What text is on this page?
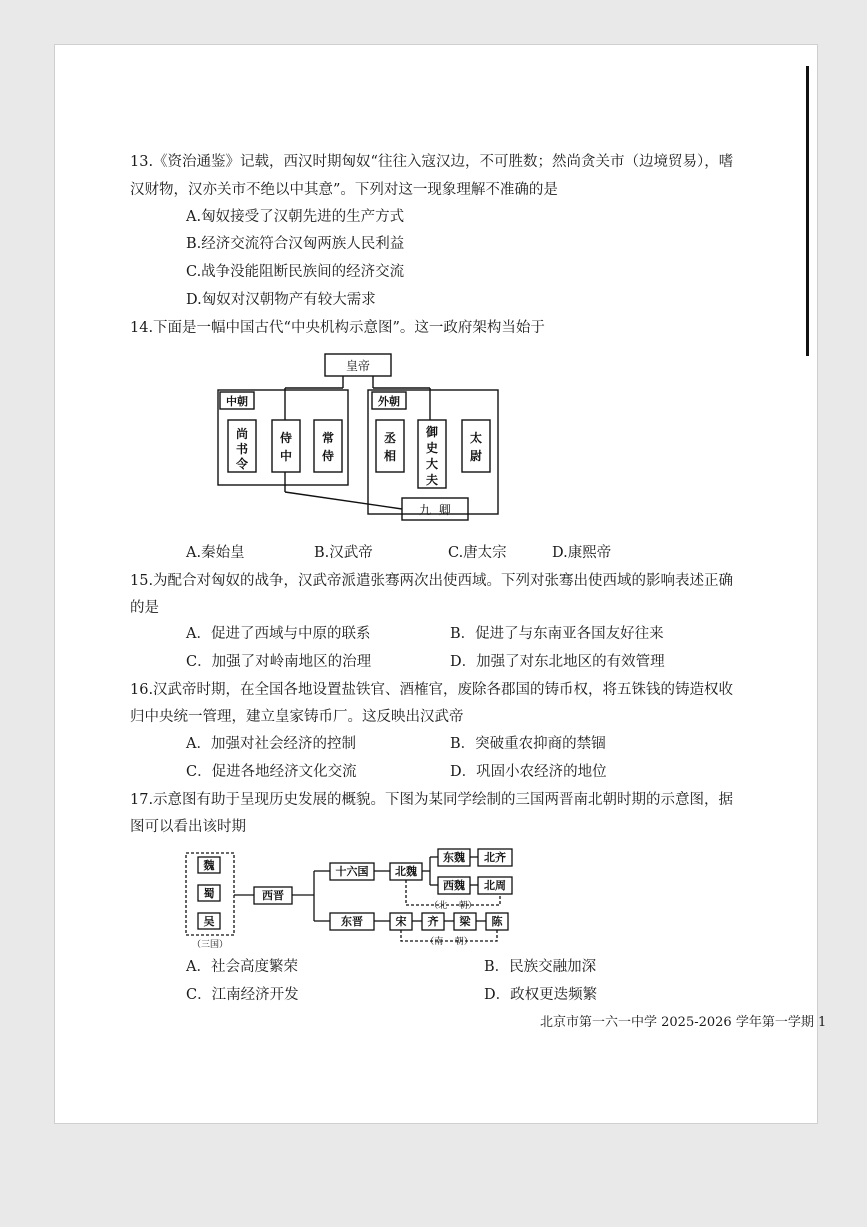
13.《资治通鉴》记载，西汉时期匈奴“往往入寇汉边，不可胜数；然尚贪关市（边境贸易），嗜
汉财物，汉亦关市不绝以中其意”。下列对这一现象理解不准确的是
A.匈奴接受了汉朝先进的生产方式
B.经济交流符合汉匈两族人民利益
C.战争没能阻断民族间的经济交流
D.匈奴对汉朝物产有较大需求
14.下面是一幅中国古代“中央机构示意图”。这一政府架构当始于
皇帝
中朝	外朝
尚
书
令
侍
中
常
侍
丞
相
御
史
大
夫
太
尉
九  卿
A.秦始皇	B.汉武帝	C.唐太宗	D.康熙帝
15.为配合对匈奴的战争，汉武帝派遣张骞两次出使西域。下列对张骞出使西域的影响表述正确
的是
A．促进了西域与中原的联系	B．促进了与东南亚各国友好往来
C．加强了对岭南地区的治理	D．加强了对东北地区的有效管理
16.汉武帝时期，在全国各地设置盐铁官、酒榷官，废除各郡国的铸币权，将五铢钱的铸造权收
归中央统一管理，建立皇家铸币厂。这反映出汉武帝
A．加强对社会经济的控制	B．突破重农抑商的禁锢
C．促进各地经济文化交流	D．巩固小农经济的地位
17.示意图有助于呈现历史发展的概貌。下图为某同学绘制的三国两晋南北朝时期的示意图，据
图可以看出该时期
魏
蜀
吴
西晋
十六国 北魏
东魏 北齐
西魏 北周
东晋	宋 齐 梁 陈
（三国）
（北    朝）
（南    朝）
A．社会高度繁荣	B．民族交融加深
C．江南经济开发	D．政权更迭频繁
北京市第一六一中学 2025-2026 学年第一学期 1
